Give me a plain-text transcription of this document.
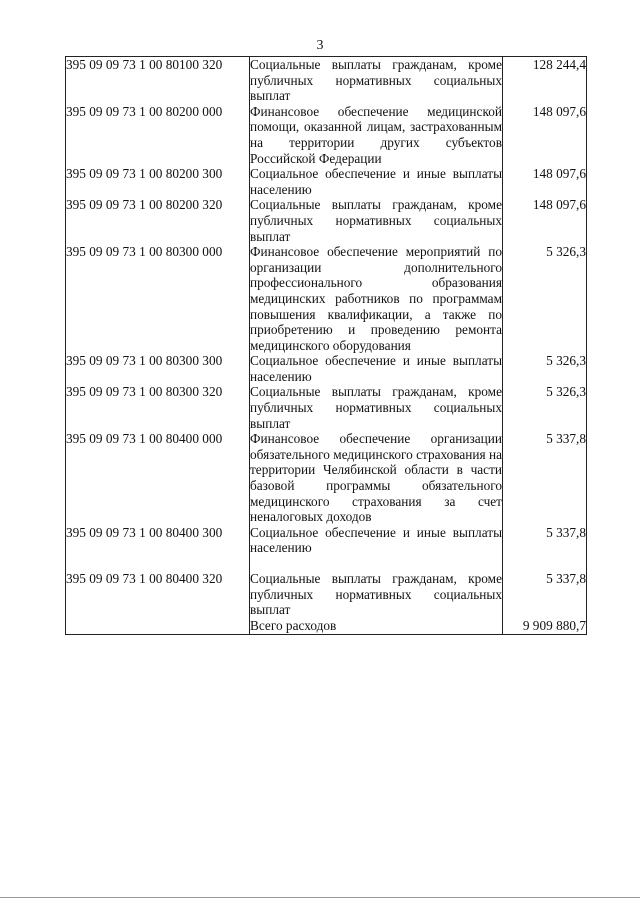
3
395 09 09 73 1 00 80100 320	Социальные выплаты гражданам, кроме публичных нормативных социальных выплат	128 244,4
395 09 09 73 1 00 80200 000	Финансовое обеспечение медицинской помощи, оказанной лицам, застрахованным на территории других субъектов Российской Федерации	148 097,6
395 09 09 73 1 00 80200 300	Социальное обеспечение и иные выплаты населению	148 097,6
395 09 09 73 1 00 80200 320	Социальные выплаты гражданам, кроме публичных нормативных социальных выплат	148 097,6
395 09 09 73 1 00 80300 000	Финансовое обеспечение мероприятий по организации дополнительного профессионального образования медицинских работников по программам повышения квалификации, а также по приобретению и проведению ремонта медицинского оборудования	5 326,3
395 09 09 73 1 00 80300 300	Социальное обеспечение и иные выплаты населению	5 326,3
395 09 09 73 1 00 80300 320	Социальные выплаты гражданам, кроме публичных нормативных социальных выплат	5 326,3
395 09 09 73 1 00 80400 000	Финансовое обеспечение организации обязательного медицинского страхования на территории Челябинской области в части базовой программы обязательного медицинского страхования за счет неналоговых доходов	5 337,8
395 09 09 73 1 00 80400 300	Социальное обеспечение и иные выплаты населению	5 337,8

395 09 09 73 1 00 80400 320	Социальные выплаты гражданам, кроме публичных нормативных социальных выплат	5 337,8
	Всего расходов	9 909 880,7
